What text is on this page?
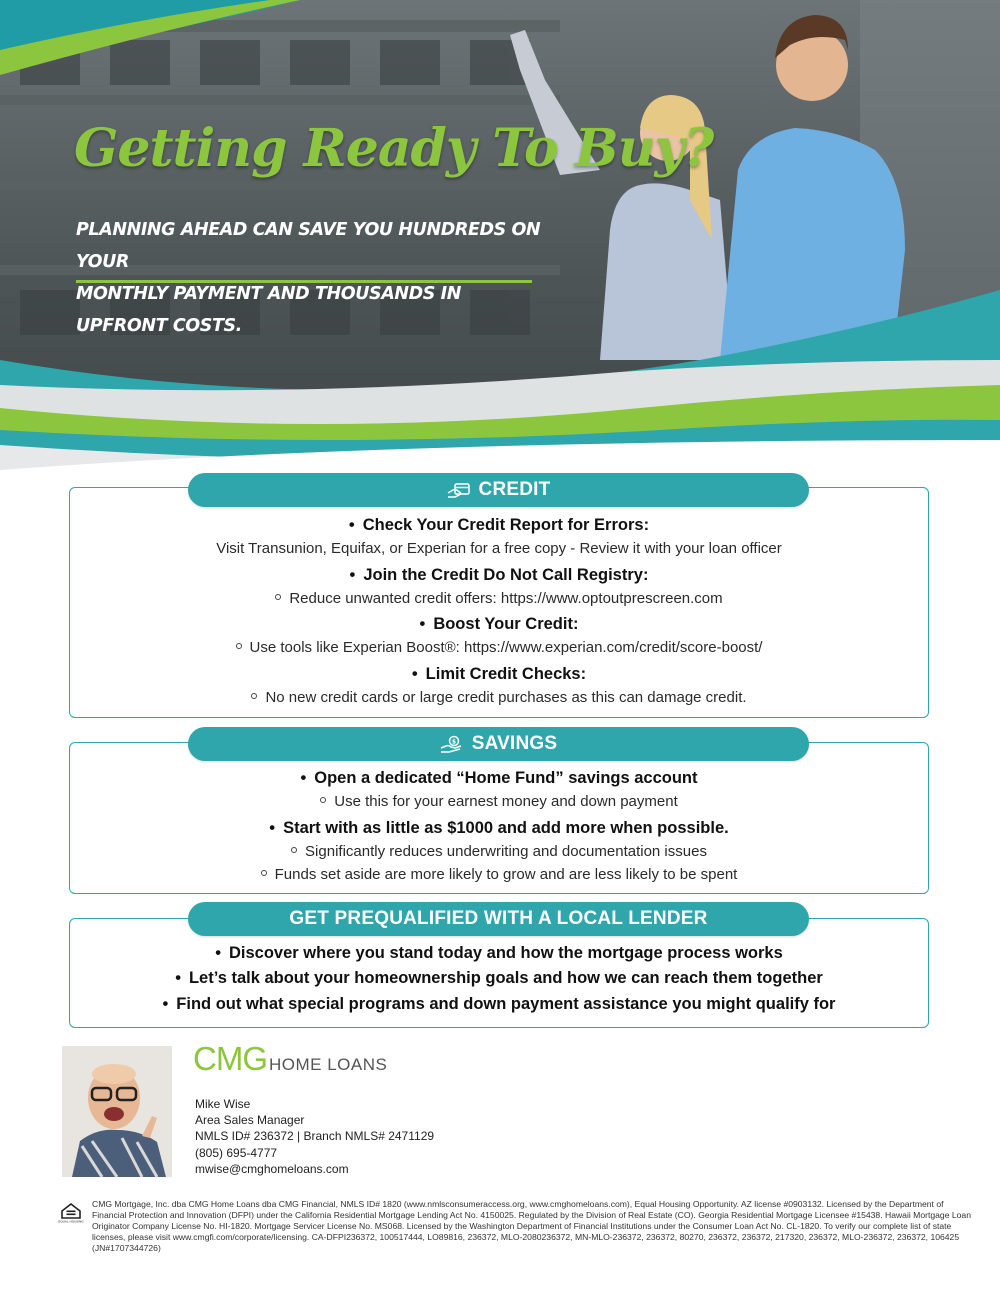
Getting Ready To Buy?
PLANNING AHEAD CAN SAVE YOU HUNDREDS ON YOUR
MONTHLY PAYMENT AND THOUSANDS IN UPFRONT COSTS.
• Check Your Credit Report for Errors:
Visit Transunion, Equifax, or Experian for a free copy - Review it with your loan officer
• Join the Credit Do Not Call Registry:
Reduce unwanted credit offers: https://www.optoutprescreen.com
• Boost Your Credit:
Use tools like Experian Boost®: https://www.experian.com/credit/score-boost/
• Limit Credit Checks:
No new credit cards or large credit purchases as this can damage credit.
CREDIT
• Open a dedicated “Home Fund” savings account
Use this for your earnest money and down payment
• Start with as little as $1000 and add more when possible.
Significantly reduces underwriting and documentation issues
Funds set aside are more likely to grow and are less likely to be spent
$ SAVINGS
• Discover where you stand today and how the mortgage process works
• Let’s talk about your homeownership goals and how we can reach them together
• Find out what special programs and down payment assistance you might qualify for
GET PREQUALIFIED WITH A LOCAL LENDER
CMG HOME LOANS
Mike Wise
Area Sales Manager
NMLS ID# 236372 | Branch NMLS# 2471129
(805) 695-4777
mwise@cmghomeloans.com
EQUAL HOUSING
CMG Mortgage, Inc. dba CMG Home Loans dba CMG Financial, NMLS ID# 1820 (www.nmlsconsumeraccess.org, www.cmghomeloans.com), Equal Housing Opportunity. AZ license #0903132. Licensed by the Department of Financial Protection and Innovation (DFPI) under the California Residential Mortgage Lending Act No. 4150025. Regulated by the Division of Real Estate (CO). Georgia Residential Mortgage Licensee #15438. Hawaii Mortgage Loan Originator Company License No. HI-1820. Mortgage Servicer License No. MS068. Licensed by the Washington Department of Financial Institutions under the Consumer Loan Act No. CL-1820. To verify our complete list of state licenses, please visit www.cmgfi.com/corporate/licensing. CA-DFPI236372, 100517444, LO89816, 236372, MLO-2080236372, MN-MLO-236372, 236372, 80270, 236372, 236372, 217320, 236372, MLO-236372, 236372, 106425 (JN#1707344726)
